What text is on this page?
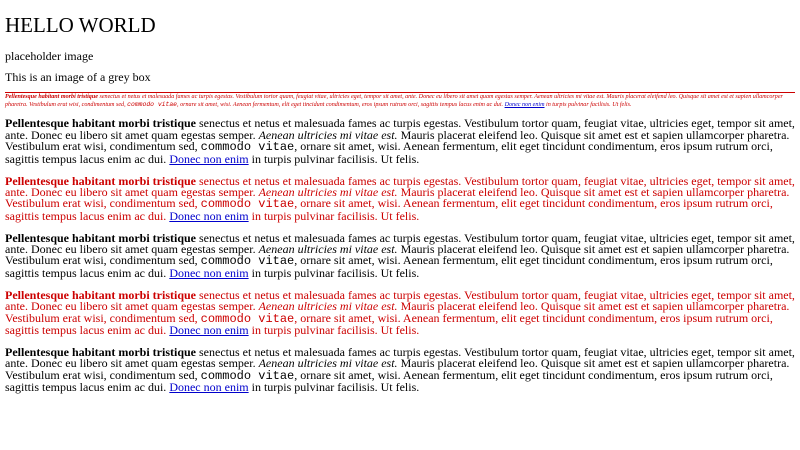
HELLO WORLD
placeholder image
This is an image of a grey box

Pellentesque habitant morbi tristique senectus et netus et malesuada fames ac turpis egestas. Vestibulum tortor quam, feugiat vitae, ultricies eget, tempor sit amet, ante. Donec eu libero sit amet quam egestas semper. Aenean ultricies mi vitae est. Mauris placerat eleifend leo. Quisque sit amet est et sapien ullamcorper pharetra. Vestibulum erat wisi, condimentum sed, commodo vitae, ornare sit amet, wisi. Aenean fermentum, elit eget tincidunt condimentum, eros ipsum rutrum orci, sagittis tempus lacus enim ac dui. Donec non enim in turpis pulvinar facilisis. Ut felis.

Pellentesque habitant morbi tristique senectus et netus et malesuada fames ac turpis egestas. Vestibulum tortor quam, feugiat vitae, ultricies eget, tempor sit amet, ante. Donec eu libero sit amet quam egestas semper. Aenean ultricies mi vitae est. Mauris placerat eleifend leo. Quisque sit amet est et sapien ullamcorper pharetra. Vestibulum erat wisi, condimentum sed, commodo vitae, ornare sit amet, wisi. Aenean fermentum, elit eget tincidunt condimentum, eros ipsum rutrum orci, sagittis tempus lacus enim ac dui. Donec non enim in turpis pulvinar facilisis. Ut felis.

Pellentesque habitant morbi tristique senectus et netus et malesuada fames ac turpis egestas. Vestibulum tortor quam, feugiat vitae, ultricies eget, tempor sit amet, ante. Donec eu libero sit amet quam egestas semper. Aenean ultricies mi vitae est. Mauris placerat eleifend leo. Quisque sit amet est et sapien ullamcorper pharetra. Vestibulum erat wisi, condimentum sed, commodo vitae, ornare sit amet, wisi. Aenean fermentum, elit eget tincidunt condimentum, eros ipsum rutrum orci, sagittis tempus lacus enim ac dui. Donec non enim in turpis pulvinar facilisis. Ut felis.

Pellentesque habitant morbi tristique senectus et netus et malesuada fames ac turpis egestas. Vestibulum tortor quam, feugiat vitae, ultricies eget, tempor sit amet, ante. Donec eu libero sit amet quam egestas semper. Aenean ultricies mi vitae est. Mauris placerat eleifend leo. Quisque sit amet est et sapien ullamcorper pharetra. Vestibulum erat wisi, condimentum sed, commodo vitae, ornare sit amet, wisi. Aenean fermentum, elit eget tincidunt condimentum, eros ipsum rutrum orci, sagittis tempus lacus enim ac dui. Donec non enim in turpis pulvinar facilisis. Ut felis.

Pellentesque habitant morbi tristique senectus et netus et malesuada fames ac turpis egestas. Vestibulum tortor quam, feugiat vitae, ultricies eget, tempor sit amet, ante. Donec eu libero sit amet quam egestas semper. Aenean ultricies mi vitae est. Mauris placerat eleifend leo. Quisque sit amet est et sapien ullamcorper pharetra. Vestibulum erat wisi, condimentum sed, commodo vitae, ornare sit amet, wisi. Aenean fermentum, elit eget tincidunt condimentum, eros ipsum rutrum orci, sagittis tempus lacus enim ac dui. Donec non enim in turpis pulvinar facilisis. Ut felis.

Pellentesque habitant morbi tristique senectus et netus et malesuada fames ac turpis egestas. Vestibulum tortor quam, feugiat vitae, ultricies eget, tempor sit amet, ante. Donec eu libero sit amet quam egestas semper. Aenean ultricies mi vitae est. Mauris placerat eleifend leo. Quisque sit amet est et sapien ullamcorper pharetra. Vestibulum erat wisi, condimentum sed, commodo vitae, ornare sit amet, wisi. Aenean fermentum, elit eget tincidunt condimentum, eros ipsum rutrum orci, sagittis tempus lacus enim ac dui. Donec non enim in turpis pulvinar facilisis. Ut felis.
